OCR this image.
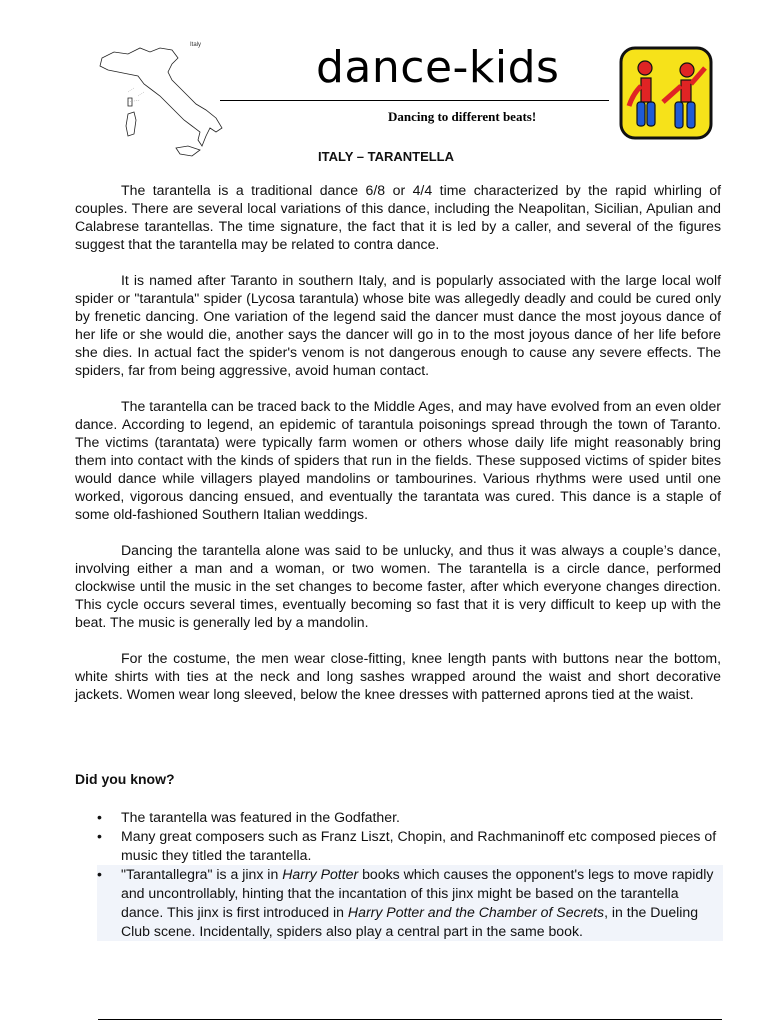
Italy	dance-kids
Dancing to different beats!
ITALY – TARANTELLA

The tarantella is a traditional dance 6/8 or 4/4 time characterized by the rapid whirling of couples. There are several local variations of this dance, including the Neapolitan, Sicilian, Apulian and Calabrese tarantellas. The time signature, the fact that it is led by a caller, and several of the figures suggest that the tarantella may be related to contra dance.

It is named after Taranto in southern Italy, and is popularly associated with the large local wolf spider or "tarantula" spider (Lycosa tarantula) whose bite was allegedly deadly and could be cured only by frenetic dancing. One variation of the legend said the dancer must dance the most joyous dance of her life or she would die, another says the dancer will go in to the most joyous dance of her life before she dies. In actual fact the spider's venom is not dangerous enough to cause any severe effects. The spiders, far from being aggressive, avoid human contact.

The tarantella can be traced back to the Middle Ages, and may have evolved from an even older dance. According to legend, an epidemic of tarantula poisonings spread through the town of Taranto. The victims (tarantata) were typically farm women or others whose daily life might reasonably bring them into contact with the kinds of spiders that run in the fields. These supposed victims of spider bites would dance while villagers played mandolins or tambourines. Various rhythms were used until one worked, vigorous dancing ensued, and eventually the tarantata was cured. This dance is a staple of some old-fashioned Southern Italian weddings.

Dancing the tarantella alone was said to be unlucky, and thus it was always a couple’s dance, involving either a man and a woman, or two women. The tarantella is a circle dance, performed clockwise until the music in the set changes to become faster, after which everyone changes direction. This cycle occurs several times, eventually becoming so fast that it is very difficult to keep up with the beat. The music is generally led by a mandolin.

For the costume, the men wear close-fitting, knee length pants with buttons near the bottom, white shirts with ties at the neck and long sashes wrapped around the waist and short decorative jackets. Women wear long sleeved, below the knee dresses with patterned aprons tied at the waist.

Did you know?
• The tarantella was featured in the Godfather.
• Many great composers such as Franz Liszt, Chopin, and Rachmaninoff etc composed pieces of music they titled the tarantella.
• "Tarantallegra" is a jinx in Harry Potter books which causes the opponent's legs to move rapidly and uncontrollably, hinting that the incantation of this jinx might be based on the tarantella dance. This jinx is first introduced in Harry Potter and the Chamber of Secrets, in the Dueling Club scene. Incidentally, spiders also play a central part in the same book.
